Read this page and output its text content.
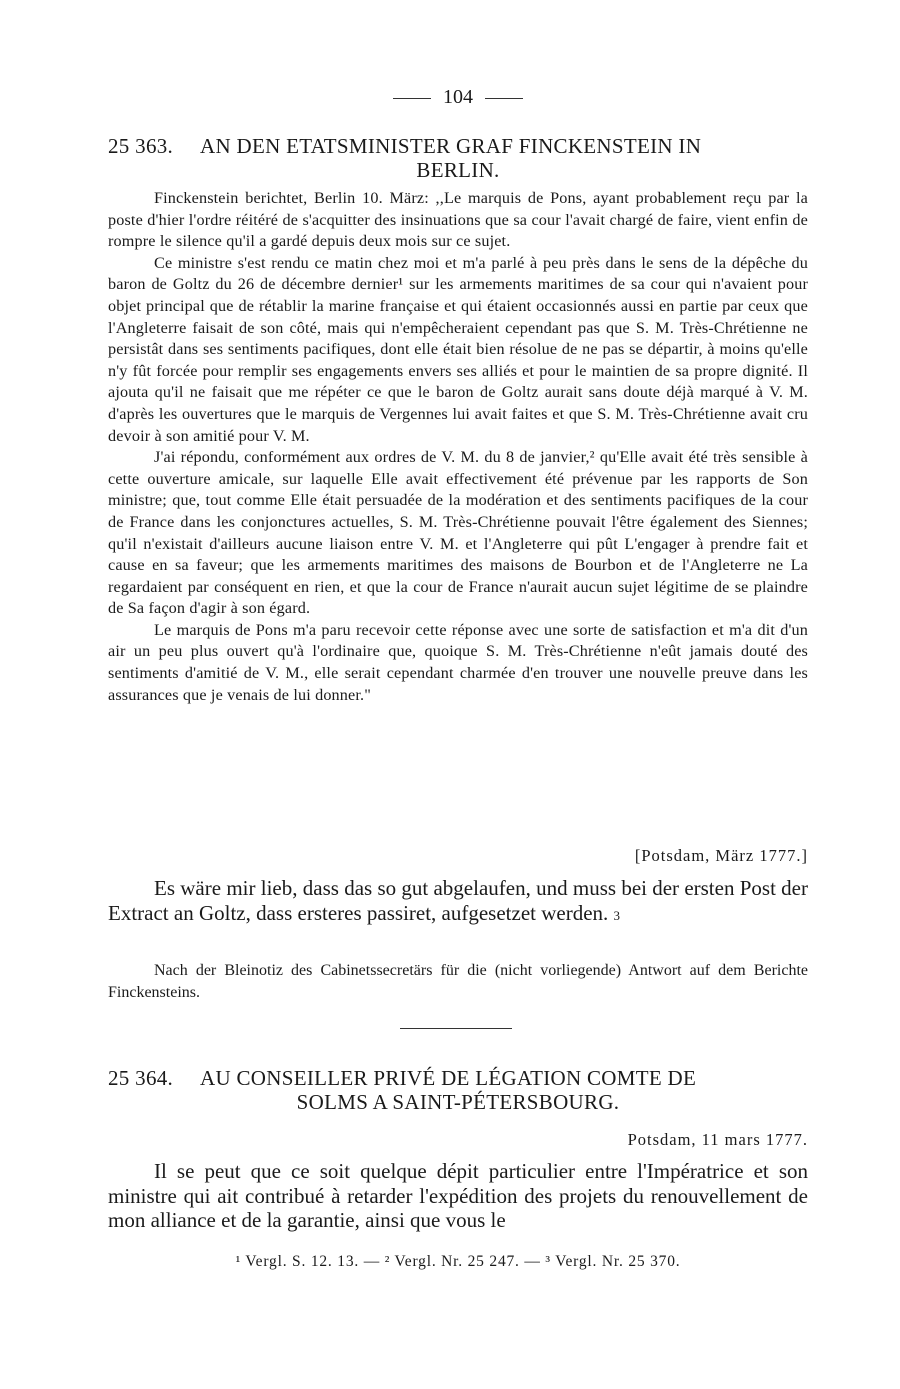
104
25 363. AN DEN ETATSMINISTER GRAF FINCKENSTEIN IN
BERLIN.

Finckenstein berichtet, Berlin 10. März: ,,Le marquis de Pons, ayant probablement reçu par la poste d'hier l'ordre réitéré de s'acquitter des insinuations que sa cour l'avait chargé de faire, vient enfin de rompre le silence qu'il a gardé depuis deux mois sur ce sujet.

Ce ministre s'est rendu ce matin chez moi et m'a parlé à peu près dans le sens de la dépêche du baron de Goltz du 26 de décembre dernier¹ sur les armements maritimes de sa cour qui n'avaient pour objet principal que de rétablir la marine française et qui étaient occasionnés aussi en partie par ceux que l'Angleterre faisait de son côté, mais qui n'empêcheraient cependant pas que S. M. Très-Chrétienne ne persistât dans ses sentiments pacifiques, dont elle était bien résolue de ne pas se départir, à moins qu'elle n'y fût forcée pour remplir ses engagements envers ses alliés et pour le maintien de sa propre dignité. Il ajouta qu'il ne faisait que me répéter ce que le baron de Goltz aurait sans doute déjà marqué à V. M. d'après les ouvertures que le marquis de Vergennes lui avait faites et que S. M. Très-Chrétienne avait cru devoir à son amitié pour V. M.

J'ai répondu, conformément aux ordres de V. M. du 8 de janvier,² qu'Elle avait été très sensible à cette ouverture amicale, sur laquelle Elle avait effectivement été prévenue par les rapports de Son ministre; que, tout comme Elle était persuadée de la modération et des sentiments pacifiques de la cour de France dans les conjonctures actuelles, S. M. Très-Chrétienne pouvait l'être également des Siennes; qu'il n'existait d'ailleurs aucune liaison entre V. M. et l'Angleterre qui pût L'engager à prendre fait et cause en sa faveur; que les armements maritimes des maisons de Bourbon et de l'Angleterre ne La regardaient par conséquent en rien, et que la cour de France n'aurait aucun sujet légitime de se plaindre de Sa façon d'agir à son égard.

Le marquis de Pons m'a paru recevoir cette réponse avec une sorte de satisfaction et m'a dit d'un air un peu plus ouvert qu'à l'ordinaire que, quoique S. M. Très-Chrétienne n'eût jamais douté des sentiments d'amitié de V. M., elle serait cependant charmée d'en trouver une nouvelle preuve dans les assurances que je venais de lui donner."

[Potsdam, März 1777.]

Es wäre mir lieb, dass das so gut abgelaufen, und muss bei der ersten Post der Extract an Goltz, dass ersteres passiret, aufgesetzet werden. 3

Nach der Bleinotiz des Cabinetssecretärs für die (nicht vorliegende) Antwort auf dem Berichte Finckensteins.

25 364. AU CONSEILLER PRIVÉ DE LÉGATION COMTE DE
SOLMS A SAINT-PÉTERSBOURG.
Potsdam, 11 mars 1777.

Il se peut que ce soit quelque dépit particulier entre l'Impératrice et son ministre qui ait contribué à retarder l'expédition des projets du renouvellement de mon alliance et de la garantie, ainsi que vous le

¹ Vergl. S. 12. 13. — ² Vergl. Nr. 25 247. — ³ Vergl. Nr. 25 370.
